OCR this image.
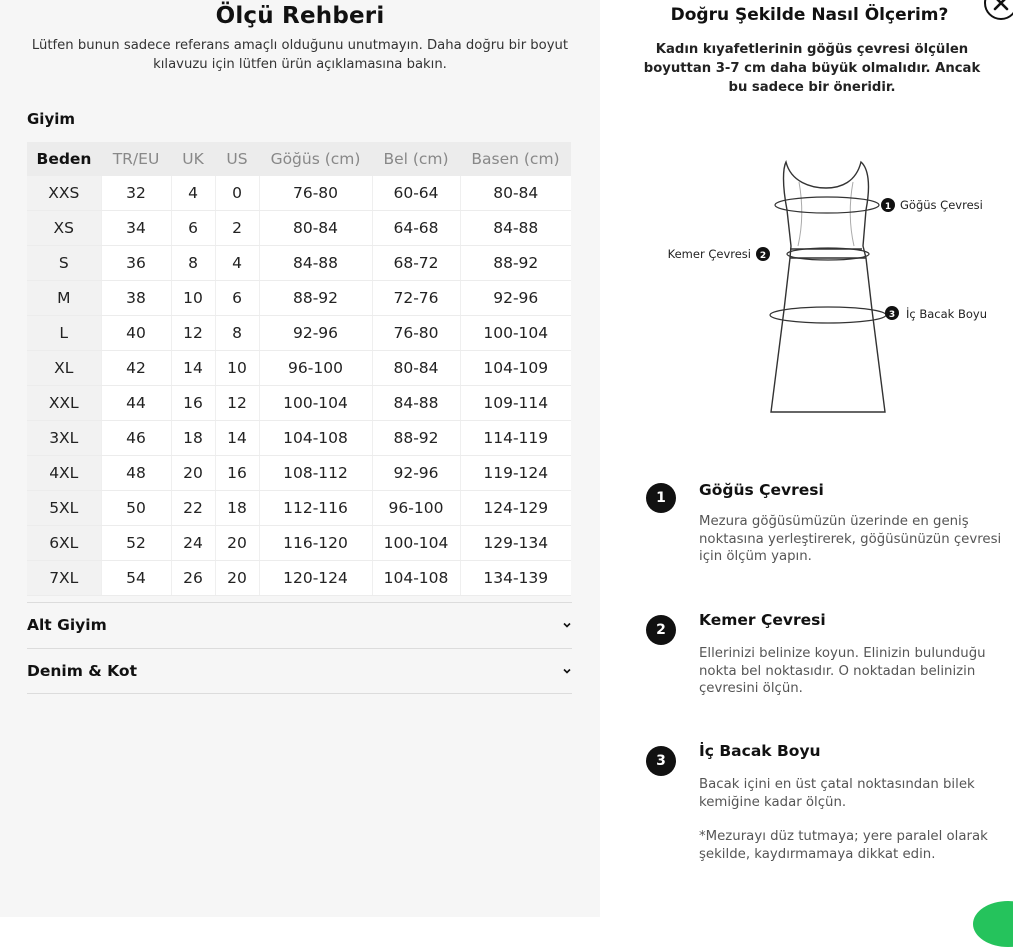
Ölçü Rehberi
Lütfen bunun sadece referans amaçlı olduğunu unutmayın. Daha doğru bir boyut kılavuzu için lütfen ürün açıklamasına bakın.
Giyim
Beden	TR/EU	UK	US	Göğüs (cm)	Bel (cm)	Basen (cm)
XXS	32	4	0	76-80	60-64	80-84
XS	34	6	2	80-84	64-68	84-88
S	36	8	4	84-88	68-72	88-92
M	38	10	6	88-92	72-76	92-96
L	40	12	8	92-96	76-80	100-104
XL	42	14	10	96-100	80-84	104-109
XXL	44	16	12	100-104	84-88	109-114
3XL	46	18	14	104-108	88-92	114-119
4XL	48	20	16	108-112	92-96	119-124
5XL	50	22	18	112-116	96-100	124-129
6XL	52	24	20	116-120	100-104	129-134
7XL	54	26	20	120-124	104-108	134-139
Alt Giyim
Denim & Kot
Doğru Şekilde Nasıl Ölçerim?
Kadın kıyafetlerinin göğüs çevresi ölçülen boyuttan 3-7 cm daha büyük olmalıdır. Ancak bu sadece bir öneridir.
1 Göğüs Çevresi
2
Kemer Çevresi
3 İç Bacak Boyu
1	Göğüs Çevresi
Mezura göğüsümüzün üzerinde en geniş noktasına yerleştirerek, göğüsünüzün çevresi için ölçüm yapın.
2
Kemer Çevresi
Ellerinizi belinize koyun. Elinizin bulunduğu nokta bel noktasıdır. O noktadan belinizin çevresini ölçün.
3
İç Bacak Boyu
Bacak içini en üst çatal noktasından bilek kemiğine kadar ölçün.
*Mezurayı düz tutmaya; yere paralel olarak şekilde, kaydırmamaya dikkat edin.
